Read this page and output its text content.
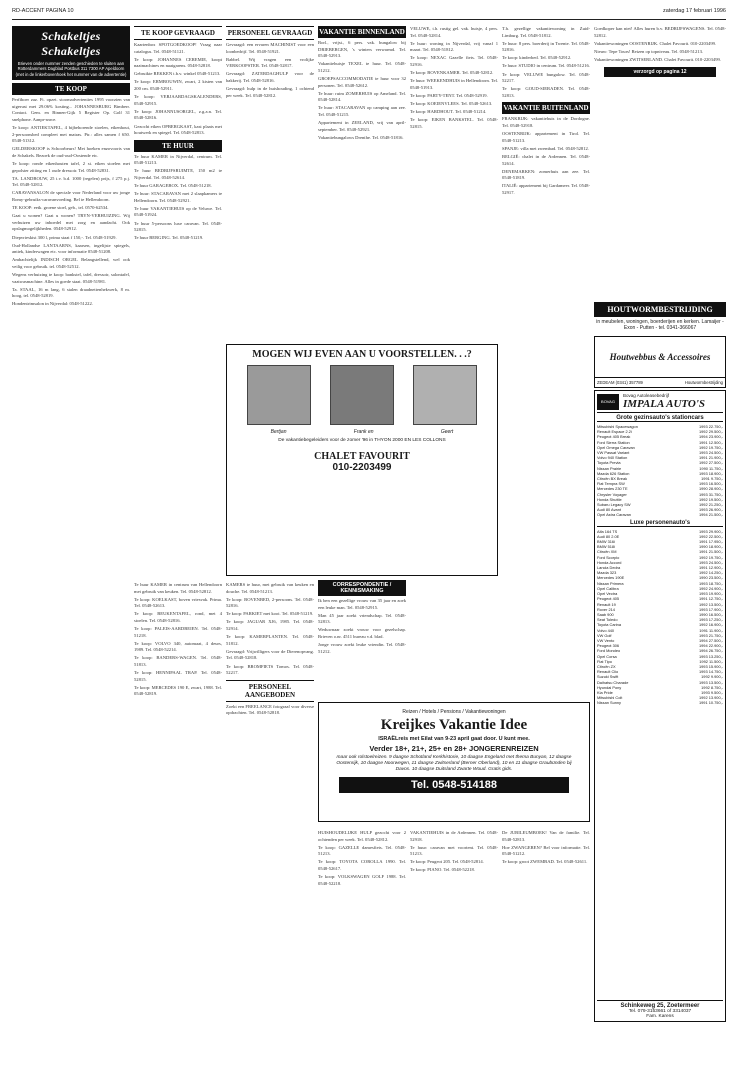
RD-ACCENT PAGINA 10	zaterdag 17 februari 1996
Schakeltjes Schakeltjes
Brieven onder nummer zenden geschieden te sluiten aan Rotterdammers Dagblad Postbus 311 7300 AP Apeldoorn (met in de linkerbovenhoek het nummer van de advertentie)
TE KOOP

Perfiboer zaz. Ft. opzet. stoomadvertenties 1995 voorzien van uigerust met 29.06% kosting... JOHANNESBURG Bimberr. Contact. Gem. en Binnen-Gijk 5 Register Op. Golf 31 snelphone. Aanpr-snrce.

Te koop: ANTIEKTAFEL, 4 bijbehorende stoelen, eikenhout, 2-persoonsbed compleet met matras. Ptr.: alles samen f 650. 0548-51312.

GELDERSKOOP is Schoorbeurs! Met hoeken enzovoorts van de Schakels. Bezoek de oud-oud-Oostende etc.

Te koop: ronde eikenhouten tafel, 2 st. eiken stoelen met gepolster zitting en 1 oude dressoir. Tel. 0548-52831.

TA. LANDBOUW, 25 i.v. b.d. 1000 (regelen) prijs, f 275 p.j. Tel. 0548-52812.

CARAVANSALON de speciale voor Nederland voor uw jonge Romy-gebruiks-caravanvoeding. Bel te Hellendoorn.

TE KOOP: eetk. groene stoel, geb., tel. 0570-62534.

Gaat u wonen? Gaat u wonen? TRYN-VERHUIZING. Wij verhuizen uw inboedel met zorg en aandacht. Ook opslagmogelijkheden. 0548-52912.

Diepvrieskist 300 l, prima staat f 150,-. Tel. 0548-51929.

Oud-Hollandse LANTAARNS, kaarsen, ingelijste spiegels, antiek, kinderwagen etc. voor informatie 0548-51208.

Ambachtelijk INDISCH ORGEL Belangstellend, wel ook veilig voor gebruik. tel. 0548-52512.

Wegens verhuizing te koop: bankstel, tafel, dressoir, salontafel, vaatwasmachine. Alles in goede staat. 0548-51981.

Ta. STAAL, 16 m lang, 6 stalen draadnettenhekwerk, 8 m. hoog, tel. 0548-52819.

Hondentrimsalon in Nijverdal: 0548-51222.

TE KOOP GEVRAAGD

Kaartenbox SPOTGOEDKOOP! Vraag naar catalogus. Tel. 0548-51121.

Te koop: JOHANNES CEREMIE, koopt naaimachines en naaigarens. 0548-52818.

Gebruikte REKKEN t.b.v. winkel 0548-51213.

Te koop: ERMBOUWIN, zwart, 2 kisten van 200 cm. 0548-52911.

Te koop: VERJAARDAGSKALENDERS, 0548-52915.

Te koop: JOHANNUSORGEL, z.g.a.n. Tel. 0548-52816.

Gezocht eiken OPBERGKAST, kast plaats met houtwerk en spiegel. Tel. 0548-52813.

TE HUUR

Te huur KAMER in Nijverdal, centrum. Tel. 0548-51213.

Te huur BEDRIJFSRUIMTE, 150 m2 te Nijverdal. Tel. 0548-52614.

Te huur GARAGEBOX. Tel. 0548-51218.

Te huur: STACARAVAN met 2 slaapkamers te Hellendoorn. Tel. 0548-52921.

Te huur VAKANTIEHUIS op de Veluwe. Tel. 0548-51924.

Te huur 5-persoons luxe caravan. Tel. 0548-52815.

Te huur BERGING. Tel. 0548-51219.

Te huur KAMER in centrum van Hellendoorn met gebruik van keuken. Tel. 0548-52812.

Te koop: KOELKAST, boven vriesvak. Prima. Tel. 0548-52613.

Te koop: BEUKENTAFEL, rond, met 4 stoelen. Tel. 0548-52816.

Te koop: PALEIS-AARDBEIEN. Tel. 0548-51218.

Te koop: VOLVO 340, automaat, 4 deurs, 1989. Tel. 0548-52214.

Te koop: BANDERS-WAGEN. Tel. 0548-51813.

Te koop: HENNIPAAL TRAP. Tel. 0548-52815.

Te koop: MERCEDES 190 E, zwart, 1988. Tel. 0548-52819.

PERSONEEL GEVRAAGD

Gevraagd: een ervaren MACHINIST voor een loonbedrijf. Tel. 0548-51921.

Babbel. Wij vragen een vrolijke VERKOOPSTER. Tel. 0548-52817.

Gevraagd: ZATERDAGHULP voor de bakkerij. Tel. 0548-52816.

Gevraagd: hulp in de huishouding, 1 ochtend per week. Tel. 0548-52812.

KAMERS te huur, met gebruik van keuken en douche. Tel. 0548-51213.

Te koop: BOVENBED, 2-persoons. Tel. 0548-52816.

Te koop: PARKIET met kooi. Tel. 0548-51219.

Te koop: JAGUAR XJ6, 1985. Tel. 0548-52914.

Te koop: KAMERPLANTEN. Tel. 0548-51812.

Gevraagd: Vrijwilligers voor de Dierenopvang. Tel. 0548-52818.

Te koop: BROMFIETS Tomos. Tel. 0548-52217.

PERSONEEL AANGEBODEN

Zoekt een FREELANCE fotograaf voor diverse opdrachten. Tel. 0548-52818.

MOGEN WIJ EVEN AAN U VOORSTELLEN. . .?
Bertjan	Frank en	Geert
De vakantiebegeleiders voor de zomer '96 in THYON 2000 EN LES COLLONS
CHALET FAVOURIT
010-2203499
VAKANTIE BINNENLAND

Borl., vrijst., 6 pers. vak. bungalow bij DRIEBERGEN, 's winters verwarmd. Tel. 0548-52913.

Vakantiehuisje TEXEL te huur. Tel. 0548-51212.

GROEPSACCOMMODATIE te huur voor 32 personen. Tel. 0548-52612.

Te huur: ruim ZOMERHUIS op Ameland. Tel. 0548-52814.

Te huur: STACARAVAN op camping aan zee. Tel. 0548-51215.

Appartement in ZEELAND, vrij van april-september. Tel. 0548-52921.

Vakantiebungalows Drenthe. Tel. 0548-51816.

CORRESPONDENTIE / KENNISMAKING

Ik ben een gezellige vrouw van 35 jaar en zoek een leuke man. Tel. 0548-52915.

Man 45 jaar zoekt vriendschap. Tel. 0548-52813.

Weduwnaar zoekt vrouw voor gezelschap. Brieven o.nr. 4511 bureau v.d. blad.

Jonge vrouw zoekt leuke vriendin. Tel. 0548-51212.

HUISHOUDELIJKE HULP gezocht voor 2 ochtenden per week. Tel. 0548-52812.

Te koop: GAZELLE damesfiets. Tel. 0548-51213.

Te koop: TOYOTA COROLLA 1990. Tel. 0548-52617.

Te koop: VOLKSWAGEN GOLF 1988. Tel. 0548-52218.

Reizen / Hotels / Pensions / Vakantiewoningen
Kreijkes Vakantie Idee
ISRAËLreis met Eilat van 9-23 april gaat door. U kunt mee.
Verder 18+, 21+, 25+ en 28+ JONGERENREIZEN
maar ook rolstoelreizen. 9 daagse Schotland Kerkhistorie, 10 daagse Engeland met thema Bunyan, 12 daagse Oostenrijk, 10 daagse Noorwegen, 11 daagse Zwitserland (Berner Oberland), 10 en 11 daagse Graubünden bij Davos. 10 daagse Duitsland Zwarte Woud. Gratis gids.
Tel. 0548-514188

VELUWE, t.h. rustig gel. vak. huisje, 4 pers. Tel. 0548-52814.

Te huur: woning in Nijverdal, vrij vanaf 1 maart. Tel. 0548-51812.

Te koop: NEXAC Gazelle fiets. Tel. 0548-52916.

Te koop: BOVENKAMER. Tel. 0548-52812.

Te huur: WEEKENDHUIS in Hellendoorn. Tel. 0548-51913.

Te koop: PARTY-TENT. Tel. 0548-52919.

Te koop: KOEIENVLEES. Tel. 0548-52613.

Te koop: HARDHOUT. Tel. 0548-51214.

Te koop: EIKEN BANKSTEL. Tel. 0548-52815.

VAKANTIEHUIS in de Ardennen. Tel. 0548-52918.

Te huur: caravan met voortent. Tel. 0548-51213.

Te koop: Peugeot 205. Tel. 0548-52814.

Te koop: PIANO. Tel. 0548-52218.

T.h. gezellige vakantiewoning in Zuid-Limburg. Tel. 0548-51812.

Te huur: 8 pers. boerderij in Twente. Tel. 0548-52816.

Te koop: kinderbed. Tel. 0548-52912.

Te huur: STUDIO in centrum. Tel. 0548-51216.

Te koop: VELUWE bungalow. Tel. 0548-52217.

Te koop: GOUD-SIERADEN. Tel. 0548-52813.

VAKANTIE BUITENLAND

FRANKRIJK: vakantiehuis in de Dordogne. Tel. 0548-52918.

OOSTENRIJK: appartement in Tirol. Tel. 0548-51213.

SPANJE: villa met zwembad. Tel. 0548-52812.

BELGIË: chalet in de Ardennen. Tel. 0548-52614.

DENEMARKEN: zomerhuis aan zee. Tel. 0548-51819.

ITALIË: appartement bij Gardameer. Tel. 0548-52917.

De JUBILEUMBOEK! Van de familie. Tel. 0548-52813.

Hoe ZWANGEREN? Bel voor informatie. Tel. 0548-51212.

Te koop: groot ZWEMBAD. Tel. 0548-52611.

Goedkoper kan niet! Alles huren b.v. BEDRIJFSWAGENS. Tel. 0548-52812.

Vakantiewoningen OOSTENRIJK. Chalet Favourit. 010-2203499.

Nieuw: Tepe Tours! Reizen op topniveau. Tel. 0548-51213.

Vakantiewoningen ZWITSERLAND. Chalet Favourit. 010-2203499.

verzorgd op pagina 12
HOUTWORMBESTRIJDING
in meubelen, woningen, boerderijen en kerken. Lamaijer - Exon - Putten - tel. 0341-366067
Houtwebbus & Accessoires
ZEDEAM (0341) 357789	Houtwormbestrijding
BOVAG
Bovag Autoleasebedrijf
IMPALA AUTO'S
Grote gezinsauto's stationcars
Mitsubishi Spacewagon	1993 22.750,-
Renault Espace 2.2i	1992 29.500,-
Peugeot 405 Break	1994 23.900,-
Ford Sierra Station	1991 12.500,-
Opel Omega Caravan	1992 19.750,-
VW Passat Variant	1993 24.500,-
Volvo 940 Station	1991 21.900,-
Toyota Previa	1992 27.500,-
Nissan Prairie	1990 11.750,-
Mazda 626 Station	1993 18.900,-
Citroën BX Break	1991 9.750,-
Fiat Tempra SW	1993 16.500,-
Mercedes 230 TE	1990 28.900,-
Chrysler Voyager	1993 31.750,-
Honda Shuttle	1992 19.500,-
Subaru Legacy SW	1992 21.250,-
Audi 80 Avant	1993 26.900,-
Opel Astra Caravan	1994 21.500,-
Luxe personenauto's
Alfa 164 TS	1993 29.900,-
Audi 80 2.0E	1992 22.500,-
BMW 316i	1991 17.950,-
BMW 518i	1990 18.900,-
Citroën XM	1991 21.500,-
Ford Scorpio	1992 19.750,-
Honda Accord	1993 24.500,-
Lancia Dedra	1991 12.900,-
Mazda 323	1992 14.250,-
Mercedes 190E	1990 23.500,-
Nissan Primera	1993 18.750,-
Opel Calibra	1992 24.900,-
Opel Vectra	1993 19.900,-
Peugeot 405	1991 12.750,-
Renault 19	1992 13.500,-
Rover 214	1993 17.900,-
Saab 900	1990 16.500,-
Seat Toledo	1993 17.250,-
Toyota Carina	1992 16.900,-
Volvo 440	1991 11.900,-
VW Golf	1993 21.750,-
VW Vento	1994 27.500,-
Peugeot 306	1994 22.900,-
Ford Mondeo	1994 26.750,-
Opel Corsa	1993 13.250,-
Fiat Tipo	1992 11.500,-
Citroën ZX	1993 15.900,-
Renault Clio	1993 14.750,-
Suzuki Swift	1992 9.900,-
Daihatsu Charade	1993 13.500,-
Hyundai Pony	1992 8.750,-
Kia Pride	1993 9.500,-
Mitsubishi Colt	1992 13.900,-
Nissan Sunny	1991 10.750,-
Schinkeweg 25, Zoetermeer
Tel. 079-3153661 of 3314037
Fam. Karens
